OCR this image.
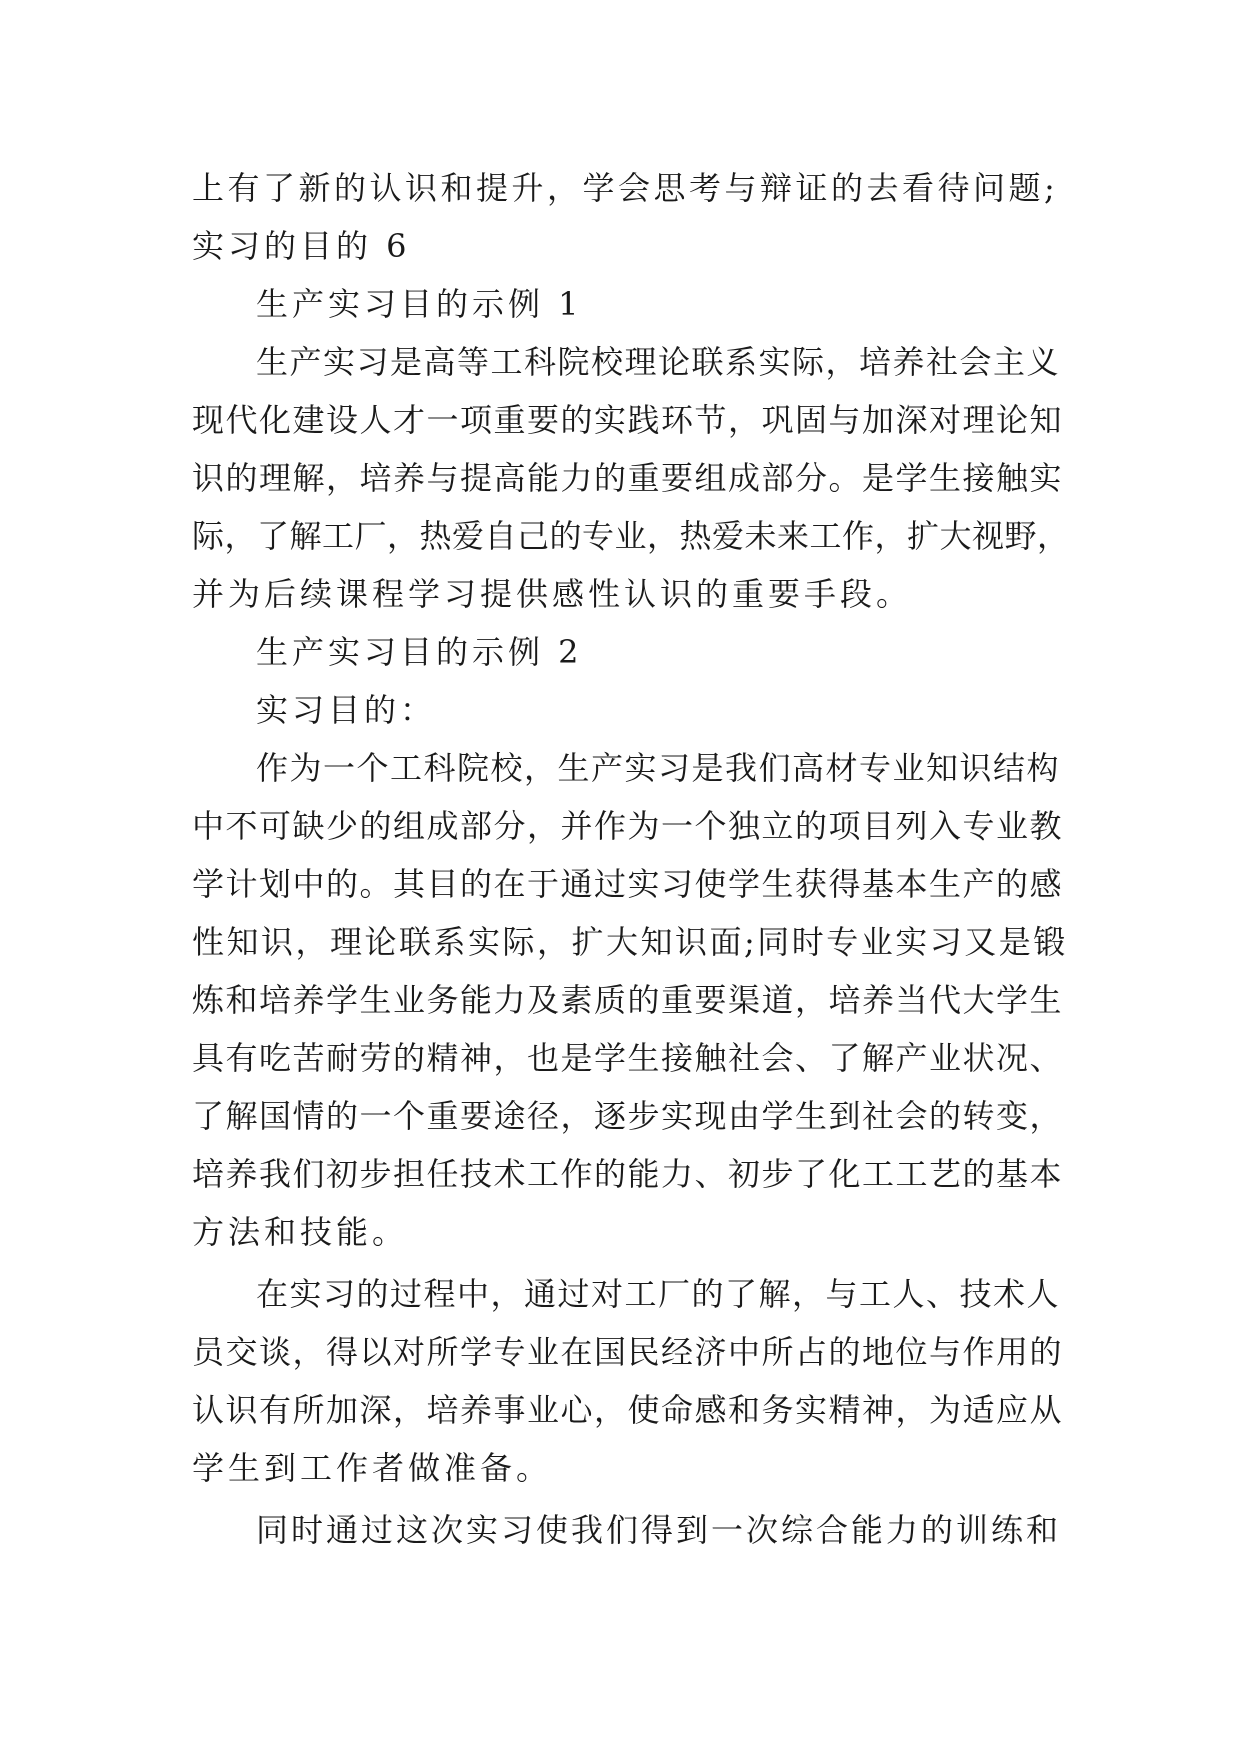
上有了新的认识和提升，学会思考与辩证的去看待问题;
实习的目的 6
生产实习目的示例 1
生产实习是高等工科院校理论联系实际，培养社会主义
现代化建设人才一项重要的实践环节，巩固与加深对理论知
识的理解，培养与提高能力的重要组成部分。是学生接触实
际，了解工厂，热爱自己的专业，热爱未来工作，扩大视野，
并为后续课程学习提供感性认识的重要手段。
生产实习目的示例 2
实习目的：
作为一个工科院校，生产实习是我们高材专业知识结构
中不可缺少的组成部分，并作为一个独立的项目列入专业教
学计划中的。其目的在于通过实习使学生获得基本生产的感
性知识，理论联系实际，扩大知识面;同时专业实习又是锻
炼和培养学生业务能力及素质的重要渠道，培养当代大学生
具有吃苦耐劳的精神，也是学生接触社会、了解产业状况、
了解国情的一个重要途径，逐步实现由学生到社会的转变，
培养我们初步担任技术工作的能力、初步了化工工艺的基本
方法和技能。
在实习的过程中，通过对工厂的了解，与工人、技术人
员交谈，得以对所学专业在国民经济中所占的地位与作用的
认识有所加深，培养事业心，使命感和务实精神，为适应从
学生到工作者做准备。
同时通过这次实习使我们得到一次综合能力的训练和
